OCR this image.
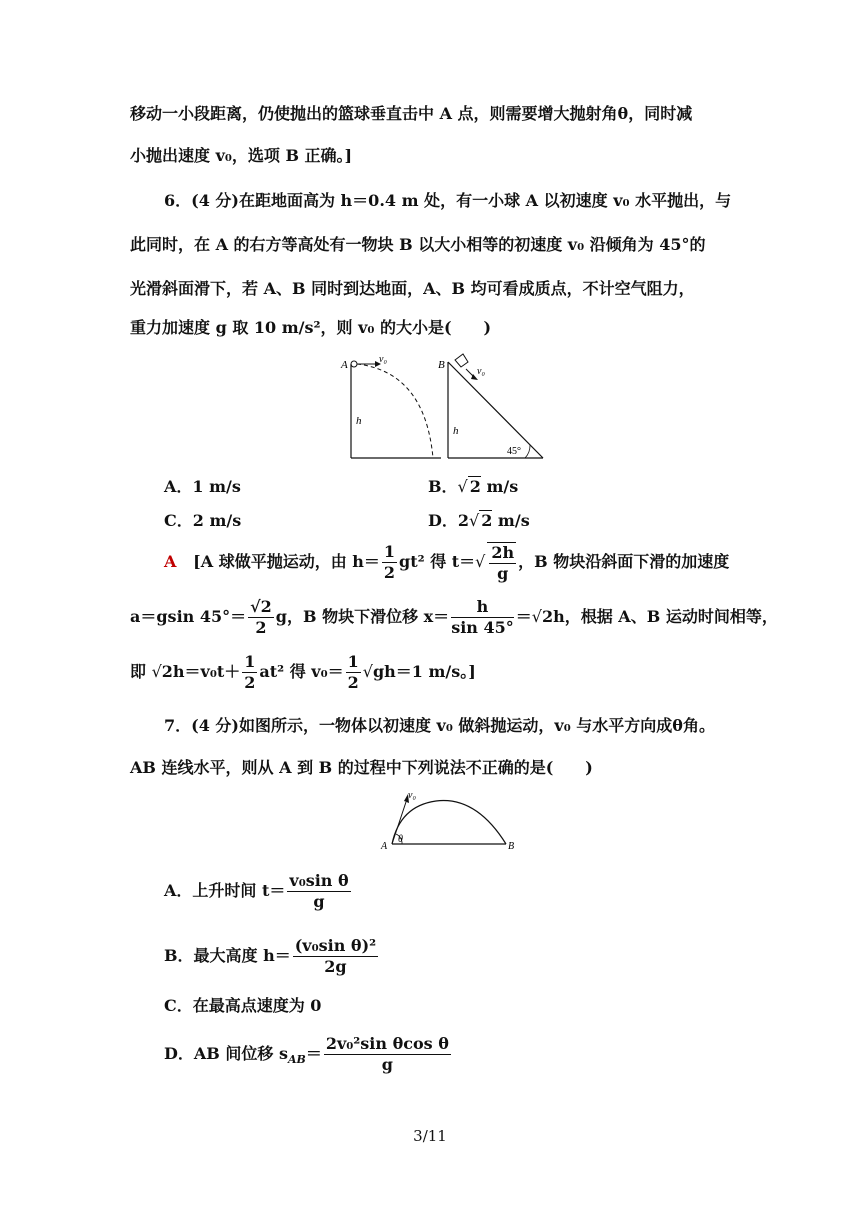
移动一小段距离，仍使抛出的篮球垂直击中 A 点，则需要增大抛射角θ，同时减
小抛出速度 v₀，选项 B 正确。]
6．(4 分)在距地面高为 h＝0.4 m 处，有一小球 A 以初速度 v₀ 水平抛出，与
此同时，在 A 的右方等高处有一物块 B 以大小相等的初速度 v₀ 沿倾角为 45°的
光滑斜面滑下，若 A、B 同时到达地面，A、B 均可看成质点，不计空气阻力，
重力加速度 g 取 10 m/s²，则 v₀ 的大小是(　　)
A	v₀
h
B
v₀
h
45°
A．1 m/s	B．√ 2 m/s
C．2 m/s	D．2√ 2 m/s
A [A 球做平抛运动，由 $h= \frac{1}{2} gt^2$ 得 $t=√ \frac{2h}{g}$ ，B 物块沿斜面下滑的加速度
a＝gsin $45^\circ= \frac{√2}{2}$ g，B 物块下滑位移 $x= \frac{h}{\sin 45^\circ} =√2h$，根据 A、B 运动时间相等，
即 $√2h=v_0t+ \frac{1}{2} at^2$ 得 $v_0= \frac{1}{2} √gh=1$ m/s。]
7．(4 分)如图所示，一物体以初速度 v₀ 做斜抛运动，v₀ 与水平方向成θ角。
AB 连线水平，则从 A 到 B 的过程中下列说法不正确的是(　　)
v₀
A
θ
B
A．上升时间 $t= \frac{\text{v₀sin θ}}{g}$
B．最大高度 $h= \frac{\text{(v₀sin θ)²}}{2g}$
C．在最高点速度为 0
D．AB 间位移 $s_{AB}= \frac{\text{2v₀²sin θcos θ}}{g}$
3/11
